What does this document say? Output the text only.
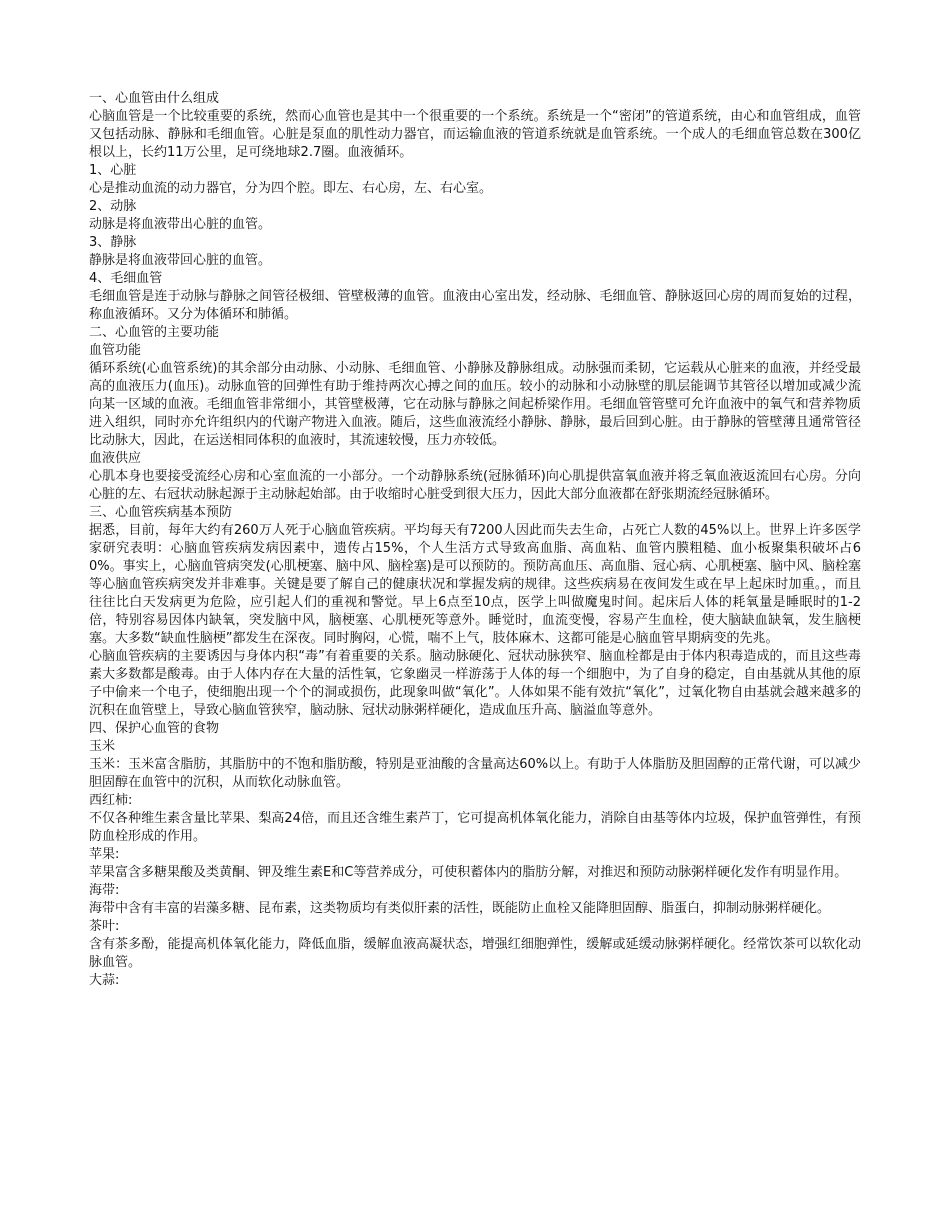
一、心血管由什么组成

心脑血管是一个比较重要的系统，然而心血管也是其中一个很重要的一个系统。系统是一个“密闭”的管道系统，由心和血管组成，血管又包括动脉、静脉和毛细血管。心脏是泵血的肌性动力器官，而运输血液的管道系统就是血管系统。一个成人的毛细血管总数在300亿根以上，长约11万公里，足可绕地球2.7圈。血液循环。

1、心脏

心是推动血流的动力器官，分为四个腔。即左、右心房，左、右心室。

2、动脉

动脉是将血液带出心脏的血管。

3、静脉

静脉是将血液带回心脏的血管。

4、毛细血管

毛细血管是连于动脉与静脉之间管径极细、管壁极薄的血管。血液由心室出发，经动脉、毛细血管、静脉返回心房的周而复始的过程，称血液循环。又分为体循环和肺循。

二、心血管的主要功能

血管功能

循环系统(心血管系统)的其余部分由动脉、小动脉、毛细血管、小静脉及静脉组成。动脉强而柔韧，它运载从心脏来的血液，并经受最高的血液压力(血压)。动脉血管的回弹性有助于维持两次心搏之间的血压。较小的动脉和小动脉壁的肌层能调节其管径以增加或减少流向某一区域的血液。毛细血管非常细小，其管壁极薄，它在动脉与静脉之间起桥梁作用。毛细血管管壁可允许血液中的氧气和营养物质进入组织，同时亦允许组织内的代谢产物进入血液。随后，这些血液流经小静脉、静脉，最后回到心脏。由于静脉的管壁薄且通常管径比动脉大，因此，在运送相同体积的血液时，其流速较慢，压力亦较低。

血液供应

心肌本身也要接受流经心房和心室血流的一小部分。一个动静脉系统(冠脉循环)向心肌提供富氧血液并将乏氧血液返流回右心房。分向心脏的左、右冠状动脉起源于主动脉起始部。由于收缩时心脏受到很大压力，因此大部分血液都在舒张期流经冠脉循环。

三、心血管疾病基本预防

据悉，目前，每年大约有260万人死于心脑血管疾病。平均每天有7200人因此而失去生命，占死亡人数的45%以上。世界上许多医学家研究表明：心脑血管疾病发病因素中，遗传占15%，个人生活方式导致高血脂、高血粘、血管内膜粗糙、血小板聚集积破坏占60%。事实上，心脑血管病突发(心肌梗塞、脑中风、脑栓塞)是可以预防的。预防高血压、高血脂、冠心病、心肌梗塞、脑中风、脑栓塞等心脑血管疾病突发并非难事。关键是要了解自己的健康状况和掌握发病的规律。这些疾病易在夜间发生或在早上起床时加重。，而且往往比白天发病更为危险，应引起人们的重视和警觉。早上6点至10点，医学上叫做魔鬼时间。起床后人体的耗氧量是睡眠时的1-2倍，特别容易因体内缺氧，突发脑中风，脑梗塞、心肌梗死等意外。睡觉时，血流变慢，容易产生血栓，使大脑缺血缺氧，发生脑梗塞。大多数“缺血性脑梗”都发生在深夜。同时胸闷，心慌，喘不上气，肢体麻木、这都可能是心脑血管早期病变的先兆。

心脑血管疾病的主要诱因与身体内积“毒”有着重要的关系。脑动脉硬化、冠状动脉狭窄、脑血栓都是由于体内积毒造成的，而且这些毒素大多数都是酸毒。由于人体内存在大量的活性氧，它象幽灵一样游荡于人体的每一个细胞中，为了自身的稳定，自由基就从其他的原子中偷来一个电子，使细胞出现一个个的洞或损伤，此现象叫做“氧化”。人体如果不能有效抗“氧化”，过氧化物自由基就会越来越多的沉积在血管壁上，导致心脑血管狭窄，脑动脉、冠状动脉粥样硬化，造成血压升高、脑溢血等意外。

四、保护心血管的食物

玉米

玉米：玉米富含脂肪，其脂肪中的不饱和脂肪酸，特别是亚油酸的含量高达60%以上。有助于人体脂肪及胆固醇的正常代谢，可以减少胆固醇在血管中的沉积，从而软化动脉血管。

西红柿:

不仅各种维生素含量比苹果、梨高24倍，而且还含维生素芦丁，它可提高机体氧化能力，消除自由基等体内垃圾，保护血管弹性，有预防血栓形成的作用。

苹果:

苹果富含多糖果酸及类黄酮、钾及维生素E和C等营养成分，可使积蓄体内的脂肪分解，对推迟和预防动脉粥样硬化发作有明显作用。

海带:

海带中含有丰富的岩藻多糖、昆布素，这类物质均有类似肝素的活性，既能防止血栓又能降胆固醇、脂蛋白，抑制动脉粥样硬化。

茶叶:

含有茶多酚，能提高机体氧化能力，降低血脂，缓解血液高凝状态，增强红细胞弹性，缓解或延缓动脉粥样硬化。经常饮茶可以软化动脉血管。

大蒜:
